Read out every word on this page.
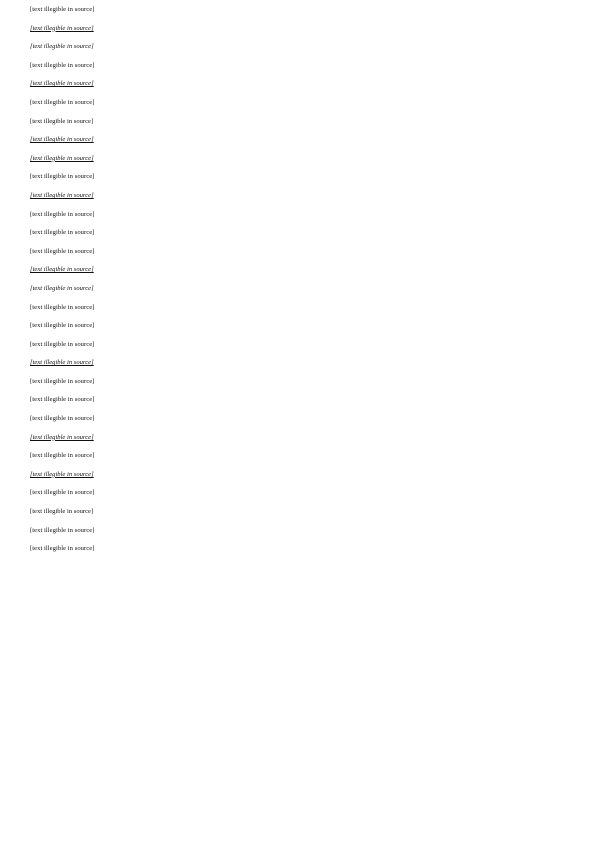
[text illegible in source]

[text illegible in source]

[text illegible in source]

[text illegible in source]

[text illegible in source]

[text illegible in source]

[text illegible in source]

[text illegible in source]

[text illegible in source]

[text illegible in source]

[text illegible in source]

[text illegible in source]

[text illegible in source]

[text illegible in source]

[text illegible in source]

[text illegible in source]

[text illegible in source]

[text illegible in source]

[text illegible in source]

[text illegible in source]

[text illegible in source]

[text illegible in source]

[text illegible in source]

[text illegible in source]

[text illegible in source]

[text illegible in source]

[text illegible in source]

[text illegible in source]

[text illegible in source]

[text illegible in source]
